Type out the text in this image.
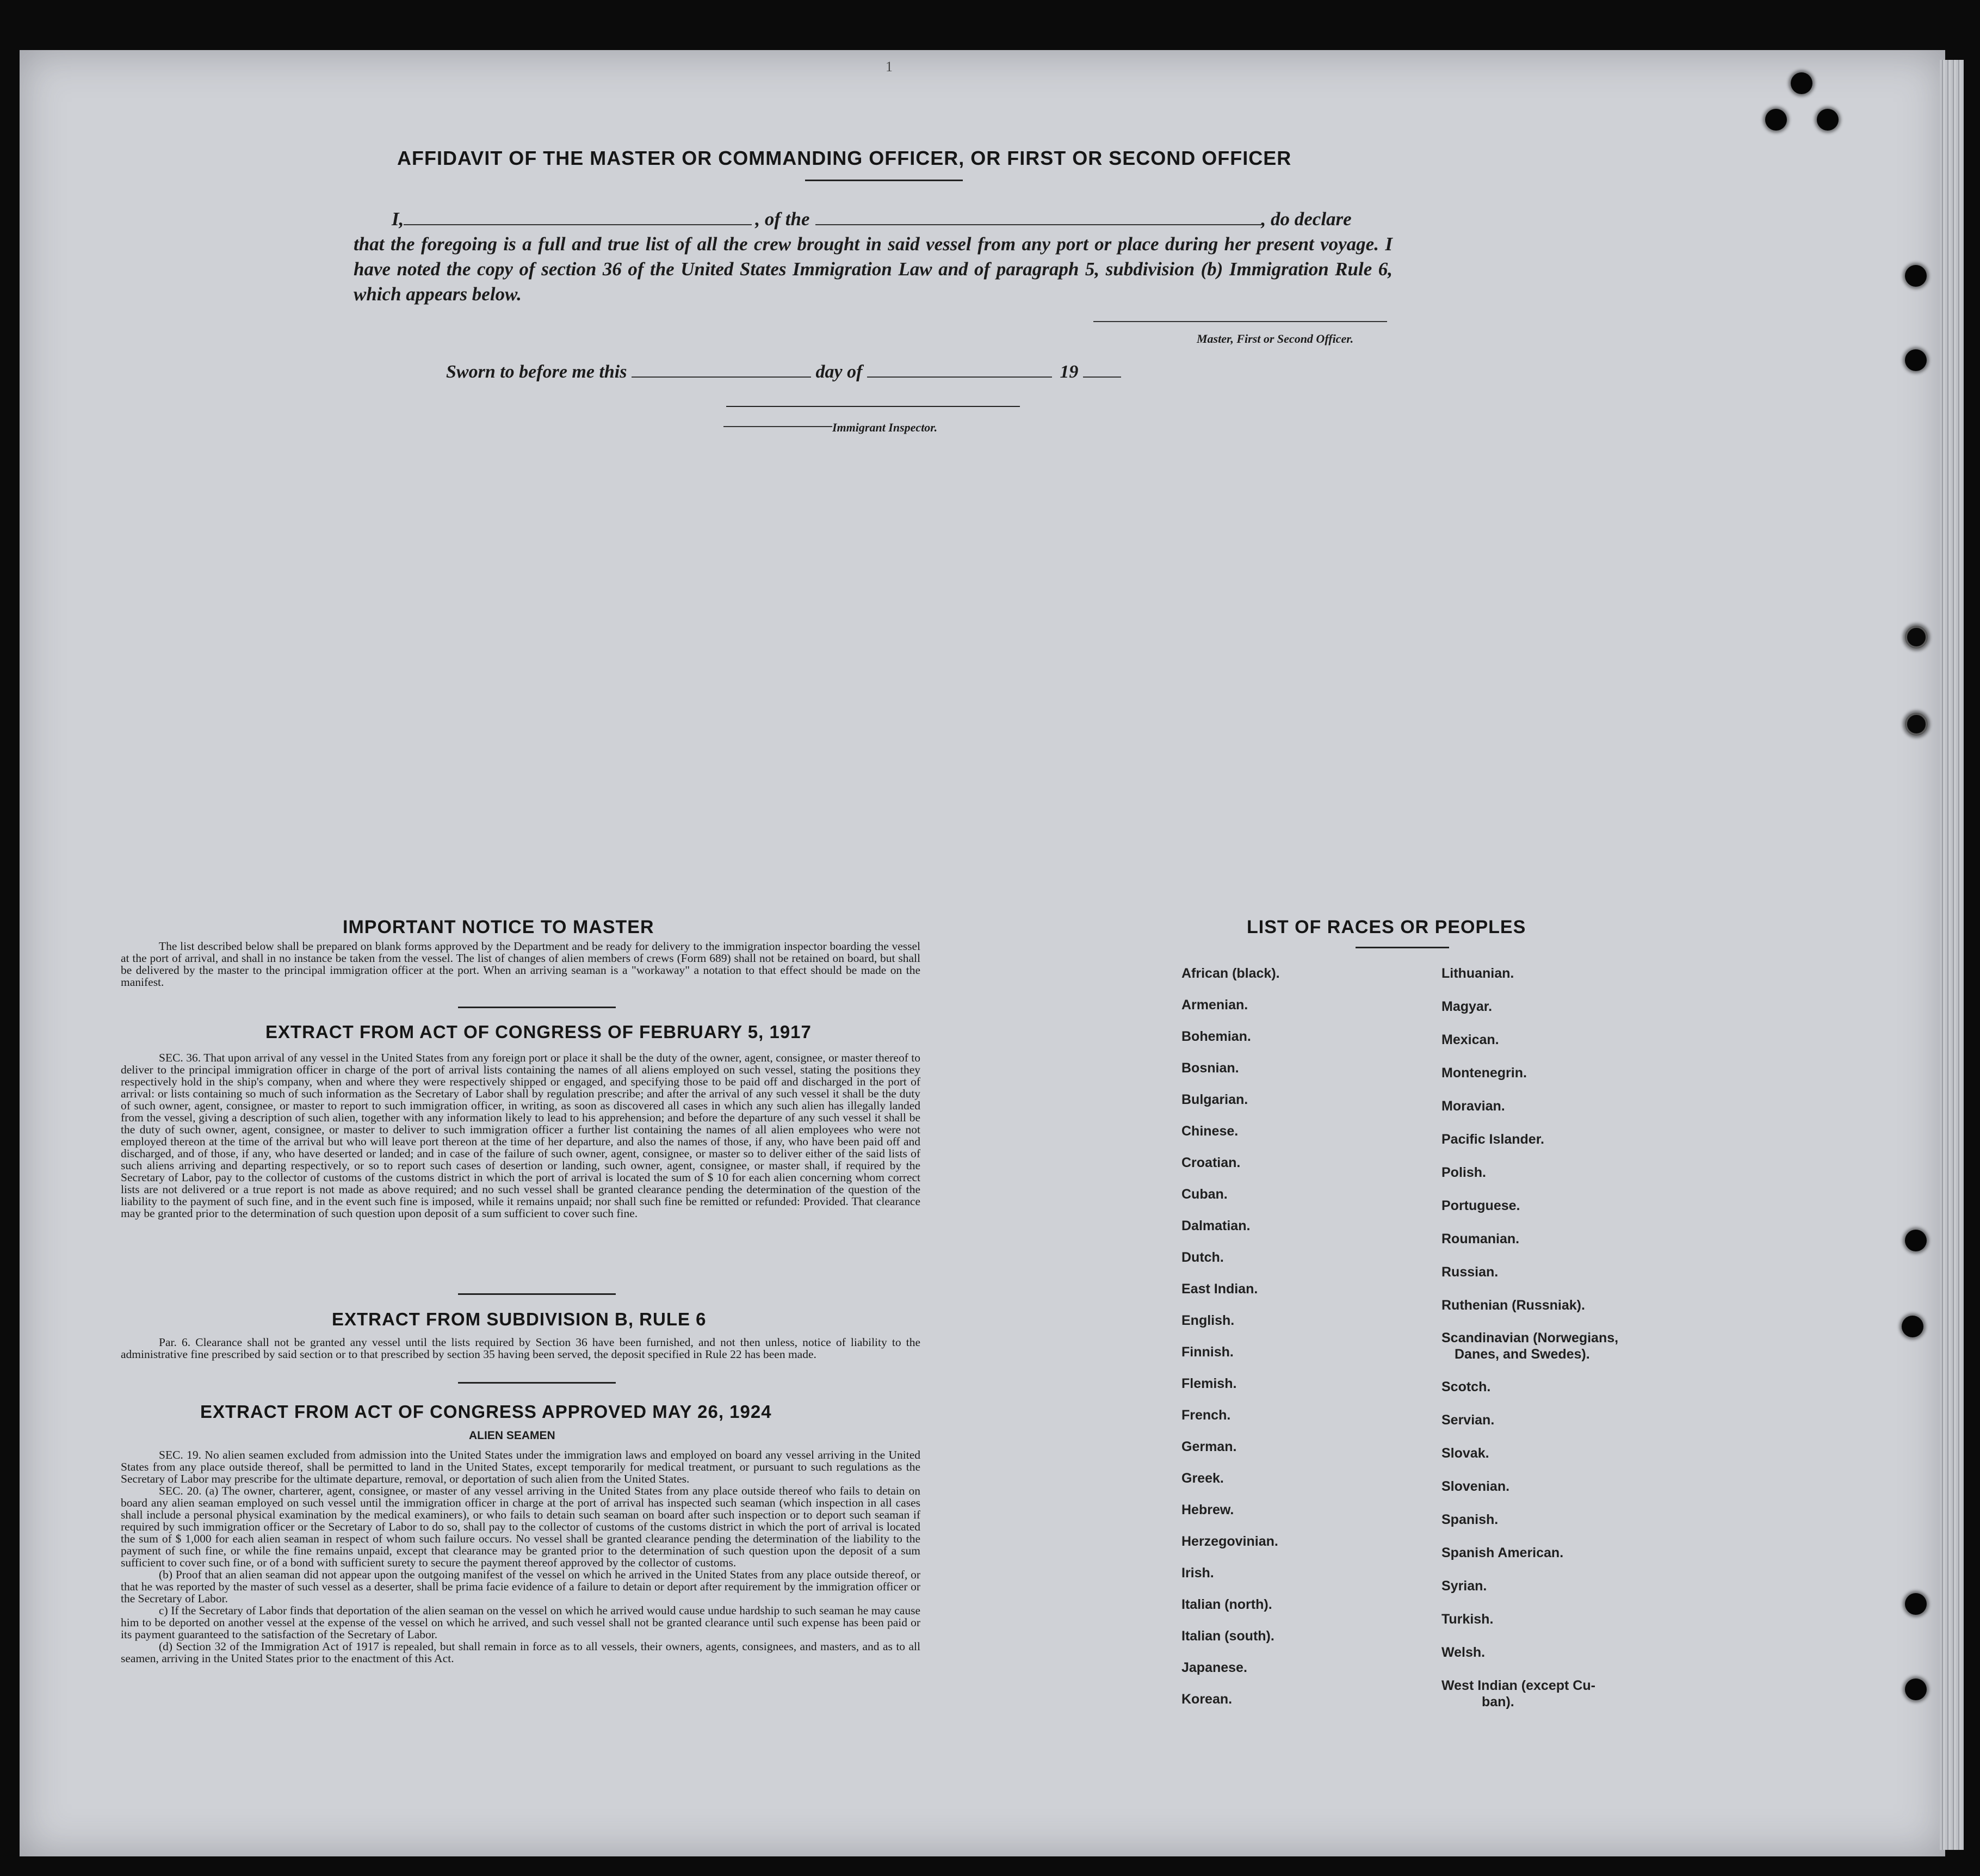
1
AFFIDAVIT OF THE MASTER OR COMMANDING OFFICER, OR FIRST OR SECOND OFFICER
I,	, of the	, do declare
that the foregoing is a full and true list of all the crew brought in said vessel from any port or place during her present voyage. I have noted the copy of section 36 of the United States Immigration Law and of paragraph 5, subdivision (b) Immigration Rule 6, which appears below.
Master, First or Second Officer.
Sworn to before me this	day of	19
Immigrant Inspector.
IMPORTANT NOTICE TO MASTER
The list described below shall be prepared on blank forms approved by the Department and be ready for delivery to the immigration inspector boarding the vessel at the port of arrival, and shall in no instance be taken from the vessel. The list of changes of alien members of crews (Form 689) shall not be retained on board, but shall be delivered by the master to the principal immigration officer at the port. When an arriving seaman is a "workaway" a notation to that effect should be made on the manifest.
EXTRACT FROM ACT OF CONGRESS OF FEBRUARY 5, 1917
SEC. 36. That upon arrival of any vessel in the United States from any foreign port or place it shall be the duty of the owner, agent, consignee, or master thereof to deliver to the principal immigration officer in charge of the port of arrival lists containing the names of all aliens employed on such vessel, stating the positions they respectively hold in the ship's company, when and where they were respectively shipped or engaged, and specifying those to be paid off and discharged in the port of arrival: or lists containing so much of such information as the Secretary of Labor shall by regulation prescribe; and after the arrival of any such vessel it shall be the duty of such owner, agent, consignee, or master to report to such immigration officer, in writing, as soon as discovered all cases in which any such alien has illegally landed from the vessel, giving a description of such alien, together with any information likely to lead to his apprehension; and before the departure of any such vessel it shall be the duty of such owner, agent, consignee, or master to deliver to such immigration officer a further list containing the names of all alien employees who were not employed thereon at the time of the arrival but who will leave port thereon at the time of her departure, and also the names of those, if any, who have been paid off and discharged, and of those, if any, who have deserted or landed; and in case of the failure of such owner, agent, consignee, or master so to deliver either of the said lists of such aliens arriving and departing respectively, or so to report such cases of desertion or landing, such owner, agent, consignee, or master shall, if required by the Secretary of Labor, pay to the collector of customs of the customs district in which the port of arrival is located the sum of $ 10 for each alien concerning whom correct lists are not delivered or a true report is not made as above required; and no such vessel shall be granted clearance pending the determination of the question of the liability to the payment of such fine, and in the event such fine is imposed, while it remains unpaid; nor shall such fine be remitted or refunded: Provided. That clearance may be granted prior to the determination of such question upon deposit of a sum sufficient to cover such fine.
EXTRACT FROM SUBDIVISION B, RULE 6
Par. 6. Clearance shall not be granted any vessel until the lists required by Section 36 have been furnished, and not then unless, notice of liability to the administrative fine prescribed by said section or to that prescribed by section 35 having been served, the deposit specified in Rule 22 has been made.
EXTRACT FROM ACT OF CONGRESS APPROVED MAY 26, 1924
ALIEN SEAMEN
SEC. 19. No alien seamen excluded from admission into the United States under the immigration laws and employed on board any vessel arriving in the United States from any place outside thereof, shall be permitted to land in the United States, except temporarily for medical treatment, or pursuant to such regulations as the Secretary of Labor may prescribe for the ultimate departure, removal, or deportation of such alien from the United States.
SEC. 20. (a) The owner, charterer, agent, consignee, or master of any vessel arriving in the United States from any place outside thereof who fails to detain on board any alien seaman employed on such vessel until the immigration officer in charge at the port of arrival has inspected such seaman (which inspection in all cases shall include a personal physical examination by the medical examiners), or who fails to detain such seaman on board after such inspection or to deport such seaman if required by such immigration officer or the Secretary of Labor to do so, shall pay to the collector of customs of the customs district in which the port of arrival is located the sum of $ 1,000 for each alien seaman in respect of whom such failure occurs. No vessel shall be granted clearance pending the determination of the liability to the payment of such fine, or while the fine remains unpaid, except that clearance may be granted prior to the determination of such question upon the deposit of a sum sufficient to cover such fine, or of a bond with sufficient surety to secure the payment thereof approved by the collector of customs.
(b) Proof that an alien seaman did not appear upon the outgoing manifest of the vessel on which he arrived in the United States from any place outside thereof, or that he was reported by the master of such vessel as a deserter, shall be prima facie evidence of a failure to detain or deport after requirement by the immigration officer or the Secretary of Labor.
c) If the Secretary of Labor finds that deportation of the alien seaman on the vessel on which he arrived would cause undue hardship to such seaman he may cause him to be deported on another vessel at the expense of the vessel on which he arrived, and such vessel shall not be granted clearance until such expense has been paid or its payment guaranteed to the satisfaction of the Secretary of Labor.
(d) Section 32 of the Immigration Act of 1917 is repealed, but shall remain in force as to all vessels, their owners, agents, consignees, and masters, and as to all seamen, arriving in the United States prior to the enactment of this Act.
LIST OF RACES OR PEOPLES
African (black).
Armenian.
Bohemian.
Bosnian.
Bulgarian.
Chinese.
Croatian.
Cuban.
Dalmatian.
Dutch.
East Indian.
English.
Finnish.
Flemish.
French.
German.
Greek.
Hebrew.
Herzegovinian.
Irish.
Italian (north).
Italian (south).
Japanese.
Korean.
Lithuanian.
Magyar.
Mexican.
Montenegrin.
Moravian.
Pacific Islander.
Polish.
Portuguese.
Roumanian.
Russian.
Ruthenian (Russniak).
Scandinavian (Norwegians,
Danes, and Swedes).
Scotch.
Servian.
Slovak.
Slovenian.
Spanish.
Spanish American.
Syrian.
Turkish.
Welsh.
West Indian (except Cu-
ban).
